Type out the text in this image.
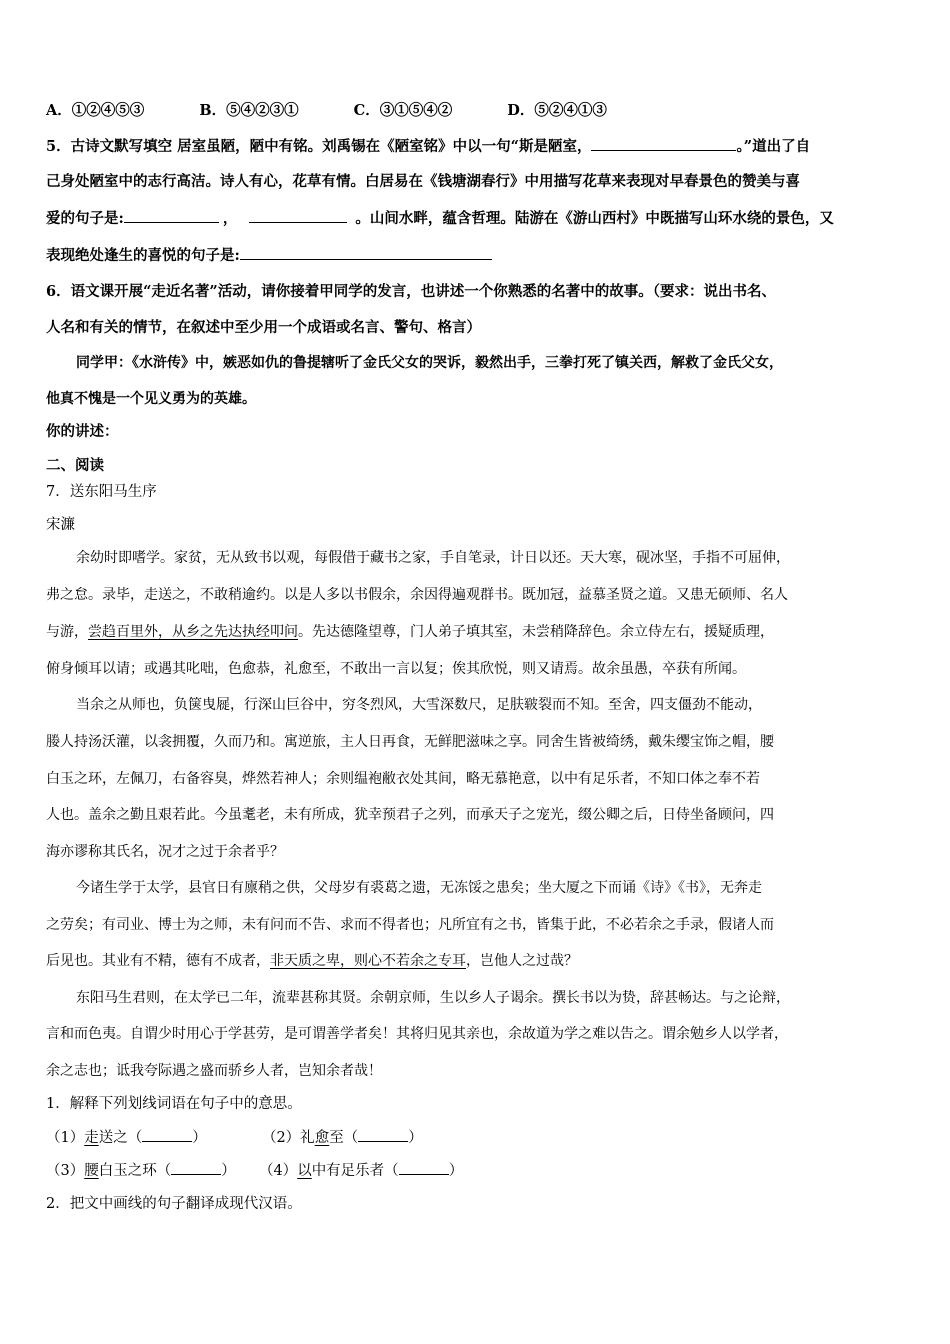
A．①②④⑤③	B．⑤④②③①	C．③①⑤④②	D．⑤②④①③
5．古诗文默写填空 居室虽陋，陋中有铭。刘禹锡在《陋室铭》中以一句“斯是陋室，	。”道出了自
己身处陋室中的志行高洁。诗人有心，花草有情。白居易在《钱塘湖春行》中用描写花草来表现对早春景色的赞美与喜
爱的句子是:	，	。山间水畔，蕴含哲理。陆游在《游山西村》中既描写山环水绕的景色，又
表现绝处逢生的喜悦的句子是:
6．语文课开展“走近名著”活动，请你接着甲同学的发言，也讲述一个你熟悉的名著中的故事。（要求：说出书名、
人名和有关的情节，在叙述中至少用一个成语或名言、警句、格言）
同学甲：《水浒传》中，嫉恶如仇的鲁提辖听了金氏父女的哭诉，毅然出手，三拳打死了镇关西，解救了金氏父女，
他真不愧是一个见义勇为的英雄。
你的讲述：
二、阅读
7．送东阳马生序
宋濂
余幼时即嗜学。家贫，无从致书以观，每假借于藏书之家，手自笔录，计日以还。天大寒，砚冰坚，手指不可屈伸，
弗之怠。录毕，走送之，不敢稍逾约。以是人多以书假余，余因得遍观群书。既加冠，益慕圣贤之道。又患无硕师、名人
与游，尝趋百里外，从乡之先达执经叩问。先达德隆望尊，门人弟子填其室，未尝稍降辞色。余立侍左右，援疑质理，
俯身倾耳以请；或遇其叱咄，色愈恭，礼愈至，不敢出一言以复；俟其欣悦，则又请焉。故余虽愚，卒获有所闻。
当余之从师也，负箧曳屣，行深山巨谷中，穷冬烈风，大雪深数尺，足肤皲裂而不知。至舍，四支僵劲不能动，
媵人持汤沃灌，以衾拥覆，久而乃和。寓逆旅，主人日再食，无鲜肥滋味之享。同舍生皆被绮绣，戴朱缨宝饰之帽，腰
白玉之环，左佩刀，右备容臭，烨然若神人；余则缊袍敝衣处其间，略无慕艳意，以中有足乐者，不知口体之奉不若
人也。盖余之勤且艰若此。今虽耄老，未有所成，犹幸预君子之列，而承天子之宠光，缀公卿之后，日侍坐备顾问，四
海亦谬称其氏名，况才之过于余者乎？
今诸生学于太学，县官日有廪稍之供，父母岁有裘葛之遗，无冻馁之患矣；坐大厦之下而诵《诗》《书》，无奔走
之劳矣；有司业、博士为之师，未有问而不告、求而不得者也；凡所宜有之书，皆集于此，不必若余之手录，假诸人而
后见也。其业有不精，德有不成者，非天质之卑，则心不若余之专耳，岂他人之过哉？
东阳马生君则，在太学已二年，流辈甚称其贤。余朝京师，生以乡人子谒余。撰长书以为贽，辞甚畅达。与之论辩，
言和而色夷。自谓少时用心于学甚劳，是可谓善学者矣！其将归见其亲也，余故道为学之难以告之。谓余勉乡人以学者，
余之志也；诋我夸际遇之盛而骄乡人者，岂知余者哉！
1．解释下列划线词语在句子中的意思。
（1）走送之（	）	（2）礼愈至（	）
（3）腰白玉之环（	） （4）以中有足乐者（	）
2．把文中画线的句子翻译成现代汉语。
